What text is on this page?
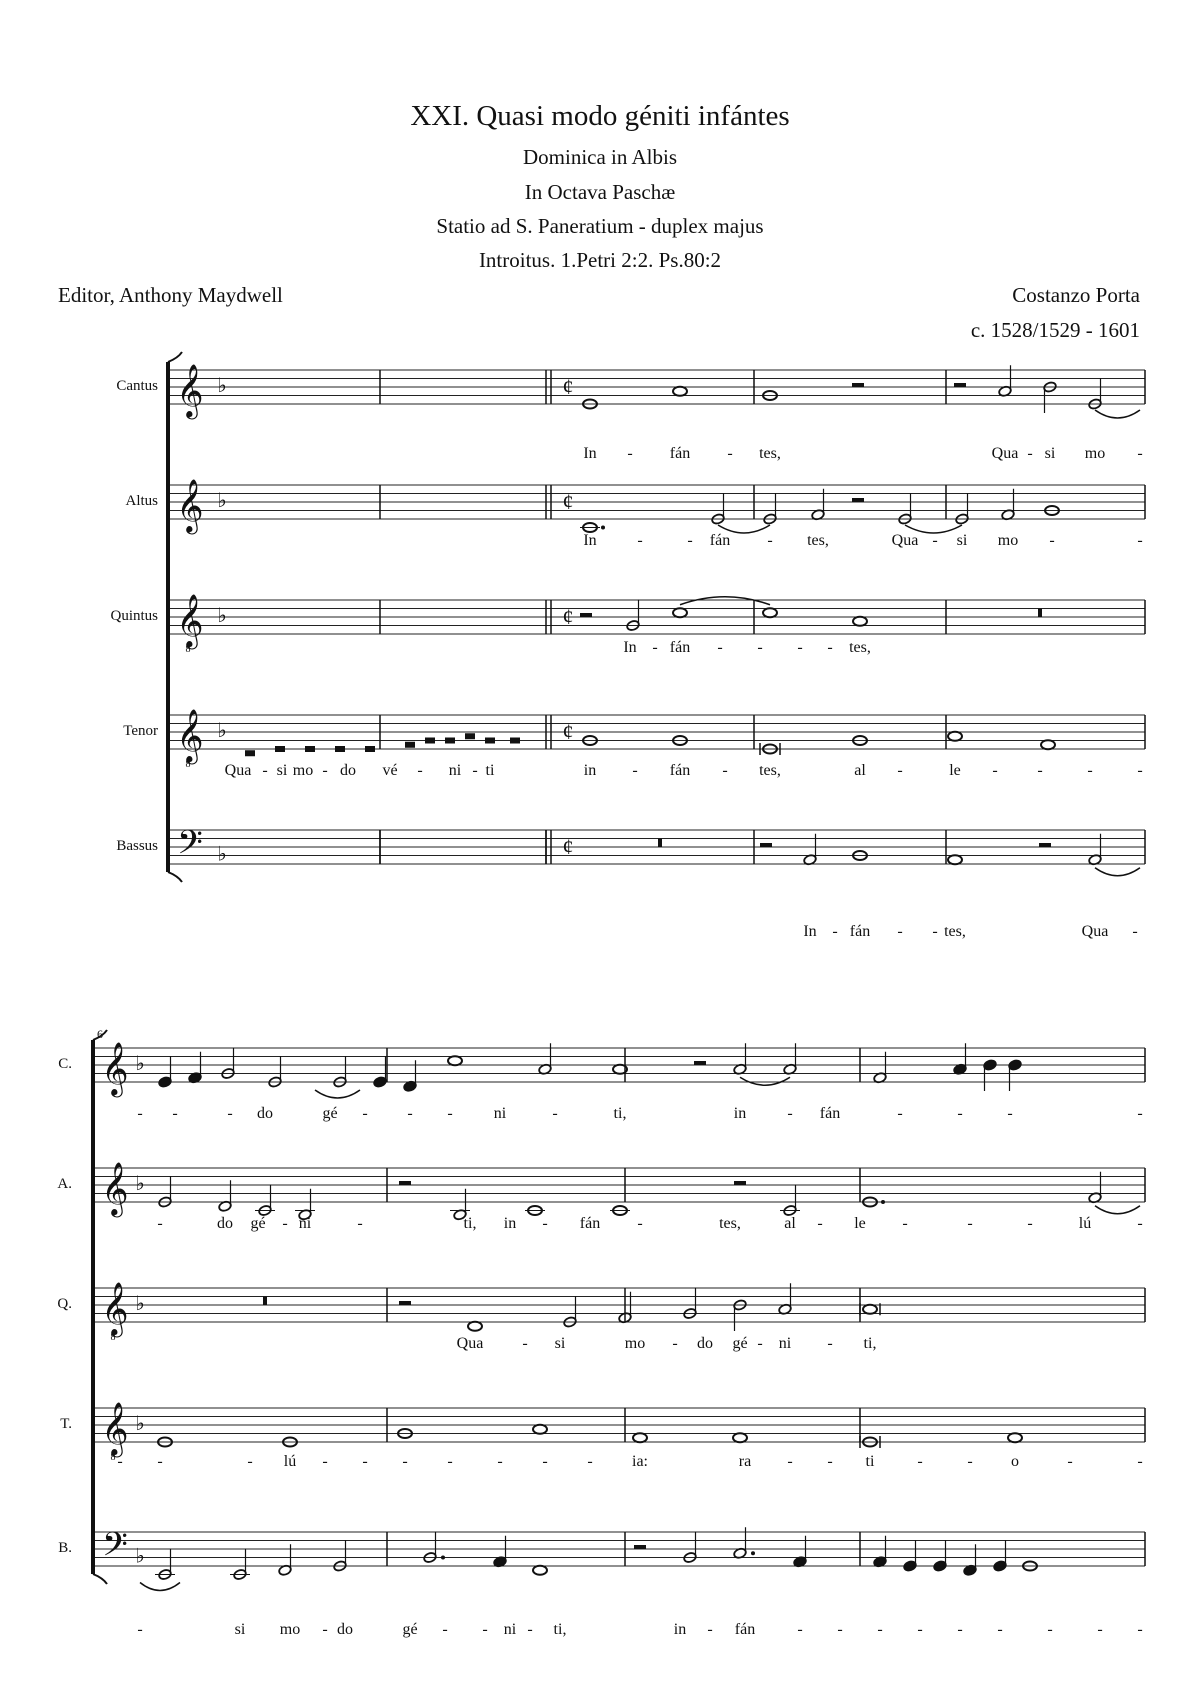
XXI. Quasi modo géniti infántes
Dominica in Albis
In Octava Paschæ
Statio ad S. Paneratium - duplex majus
Introitus. 1.Petri 2:2. Ps.80:2
Editor, Anthony Maydwell	Costanzo Porta
c. 1528/1529 - 1601
Cantus 𝄞 ♭	¢
Altus 𝄞 ♭	¢
Quintus 𝄞
8
♭	¢
Tenor 𝄞
8
♭	¢
Bassus 𝄢 ♭	¢
In - fán - tes,	Qua - si mo -
In	-	- fán - tes,	Qua - si mo -	-
In - fán - - - - tes,
Qua - si mo - do vé - ni - ti	in - fán - tes,	al -	le - -	-	-
In - fán - - tes,	Qua -
6
C. 𝄞 ♭
A. 𝄞 ♭
Q. 𝄞
8
♭
T. 𝄞
8
♭
B. 𝄢 ♭
- -	- do	gé - - -	ni	-	ti,	in	- fán	-	-	-	-
-	do gé - ni	-	ti, in - fán -	tes,	al - le -	-	-	lú	-
Qua - si	mo - do gé - ni - ti,
- -	- lú - - - -	- - - ia:	ra - - ti	-	- o	-	-
-	si mo - do	gé - - ni - ti,	in - fán	- - - - - -	-	- -
